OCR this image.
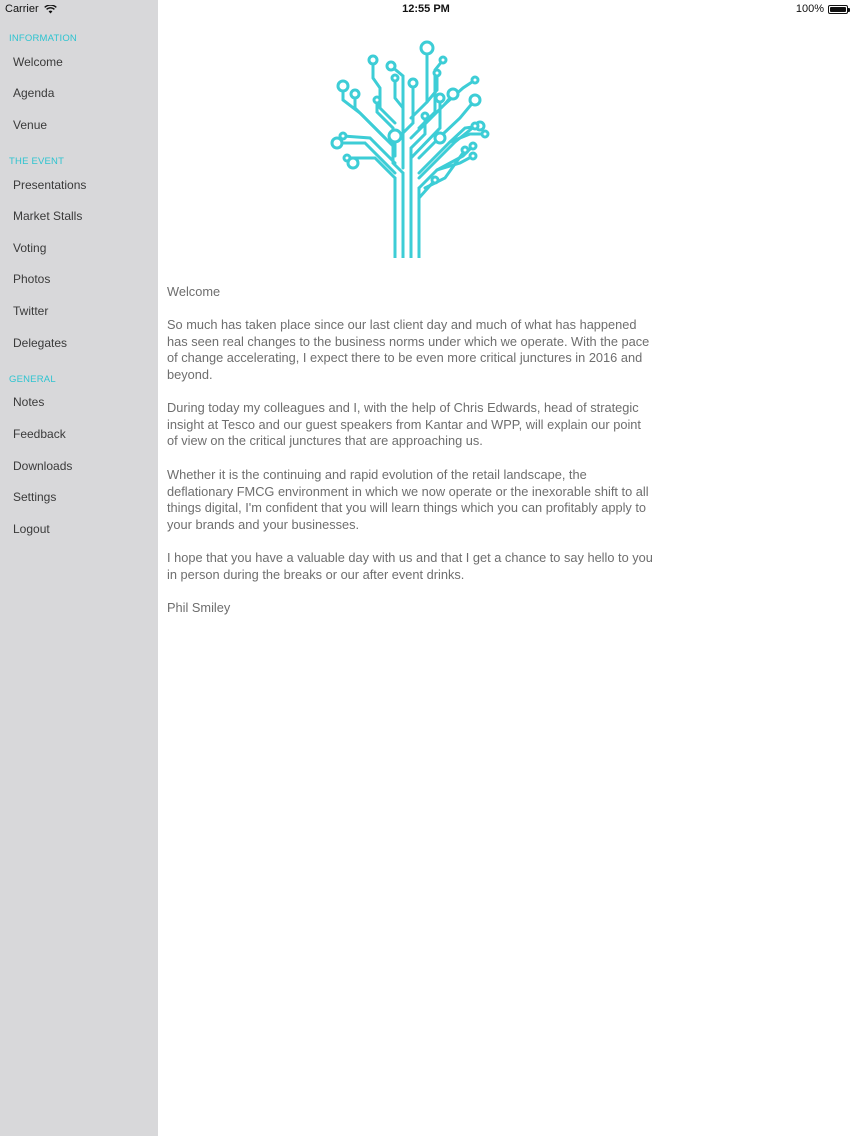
Carrier	12:55 PM	100%
INFORMATION
Welcome
Agenda
Venue
THE EVENT
Presentations
Market Stalls
Voting
Photos
Twitter
Delegates
GENERAL
Notes
Feedback
Downloads
Settings
Logout
Welcome

So much has taken place since our last client day and much of what has happened has seen real changes to the business norms under which we operate. With the pace of change accelerating, I expect there to be even more critical junctures in 2016 and beyond.

During today my colleagues and I, with the help of Chris Edwards, head of strategic insight at Tesco and our guest speakers from Kantar and WPP, will explain our point of view on the critical junctures that are approaching us.

Whether it is the continuing and rapid evolution of the retail landscape, the deflationary FMCG environment in which we now operate or the inexorable shift to all things digital, I'm confident that you will learn things which you can profitably apply to your brands and your businesses.

I hope that you have a valuable day with us and that I get a chance to say hello to you in person during the breaks or our after event drinks.

Phil Smiley
